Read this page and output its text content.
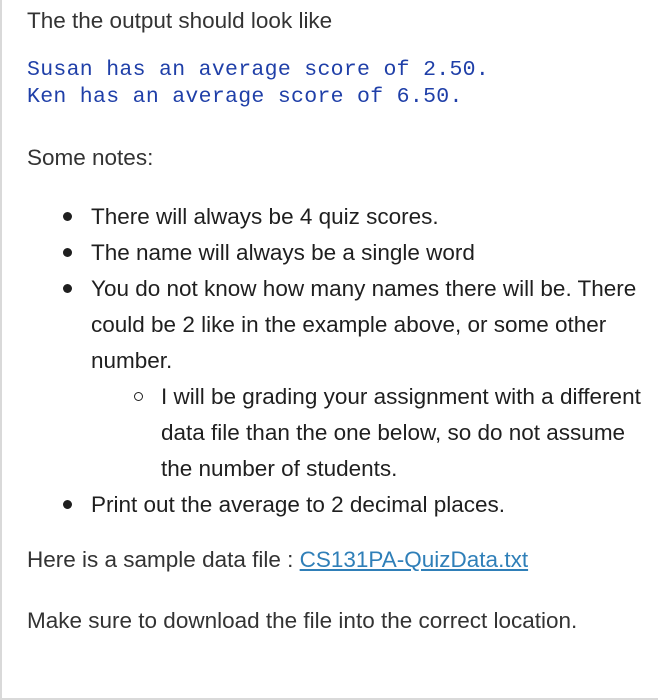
The the output should look like

Susan has an average score of 2.50.
Ken has an average score of 6.50.

Some notes:

There will always be 4 quiz scores.
The name will always be a single word
You do not know how many names there will be. There could be 2 like in the example above, or some other number.
I will be grading your assignment with a different data file than the one below, so do not assume the number of students.
Print out the average to 2 decimal places.

Here is a sample data file : CS131PA-QuizData.txt

Make sure to download the file into the correct location.
